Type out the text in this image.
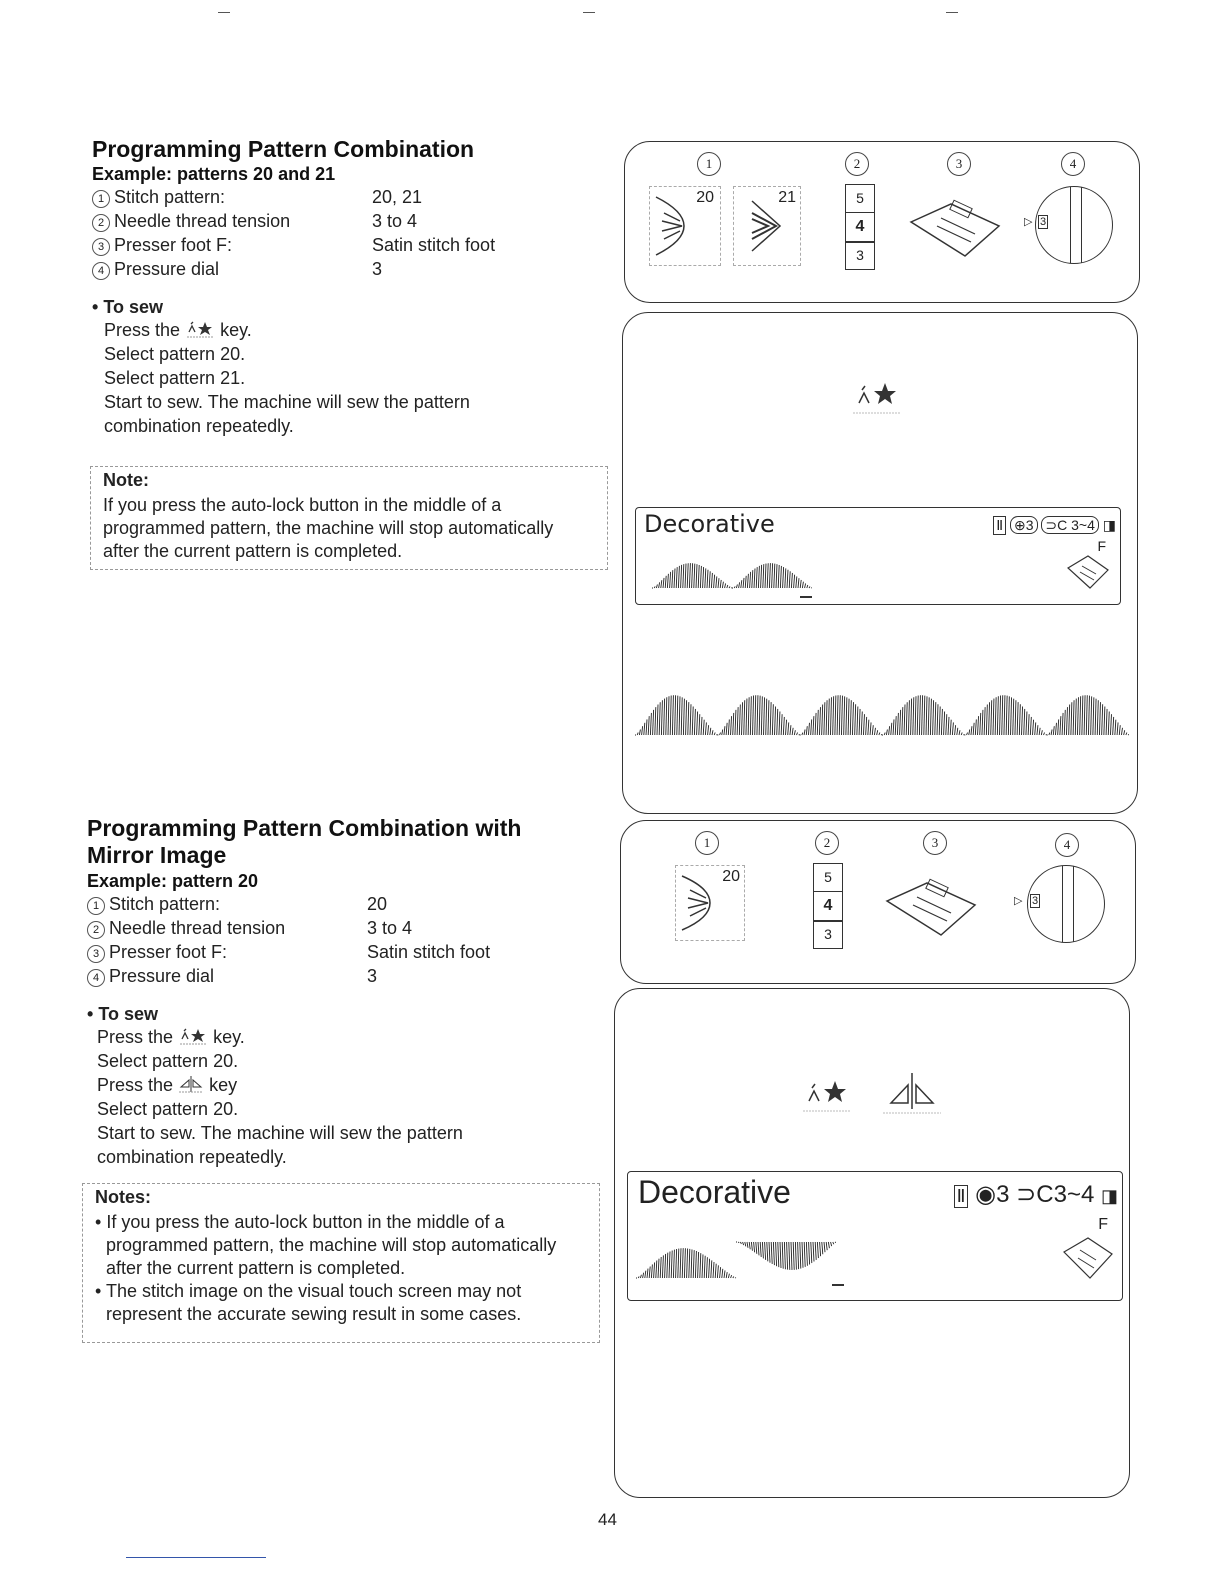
Programming Pattern Combination
Example: patterns 20 and 21
1 Stitch pattern:	20, 21
2 Needle thread tension	3 to 4
3 Presser foot F:	Satin stitch foot
4 Pressure dial	3
• To sew
Press the key.
Select pattern 20.
Select pattern 21.
Start to sew. The machine will sew the pattern
combination repeatedly.
Note:
If you press the auto-lock button in the middle of a
programmed pattern, the machine will stop automatically
after the current pattern is completed.
Programming Pattern Combination with
Mirror Image
Example: pattern 20
1 Stitch pattern:	20
2 Needle thread tension	3 to 4
3 Presser foot F:	Satin stitch foot
4 Pressure dial	3
• To sew
Press the key.
Select pattern 20.
Press the key
Select pattern 20.
Start to sew. The machine will sew the pattern
combination repeatedly.
Notes:
• If you press the auto-lock button in the middle of a
programmed pattern, the machine will stop automatically
after the current pattern is completed.
• The stitch image on the visual touch screen may not
represent the accurate sewing result in some cases.
1	2	3	4
20	21	5
4
3
▷ 3
Decorative	Ⅱ ⊕3 ⊃C 3~4 ◨
F
1	2	3	4
20	5
4
3
▷ 3
Decorative	Ⅱ ◉3 ⊃C3~4 ◨
F
44
